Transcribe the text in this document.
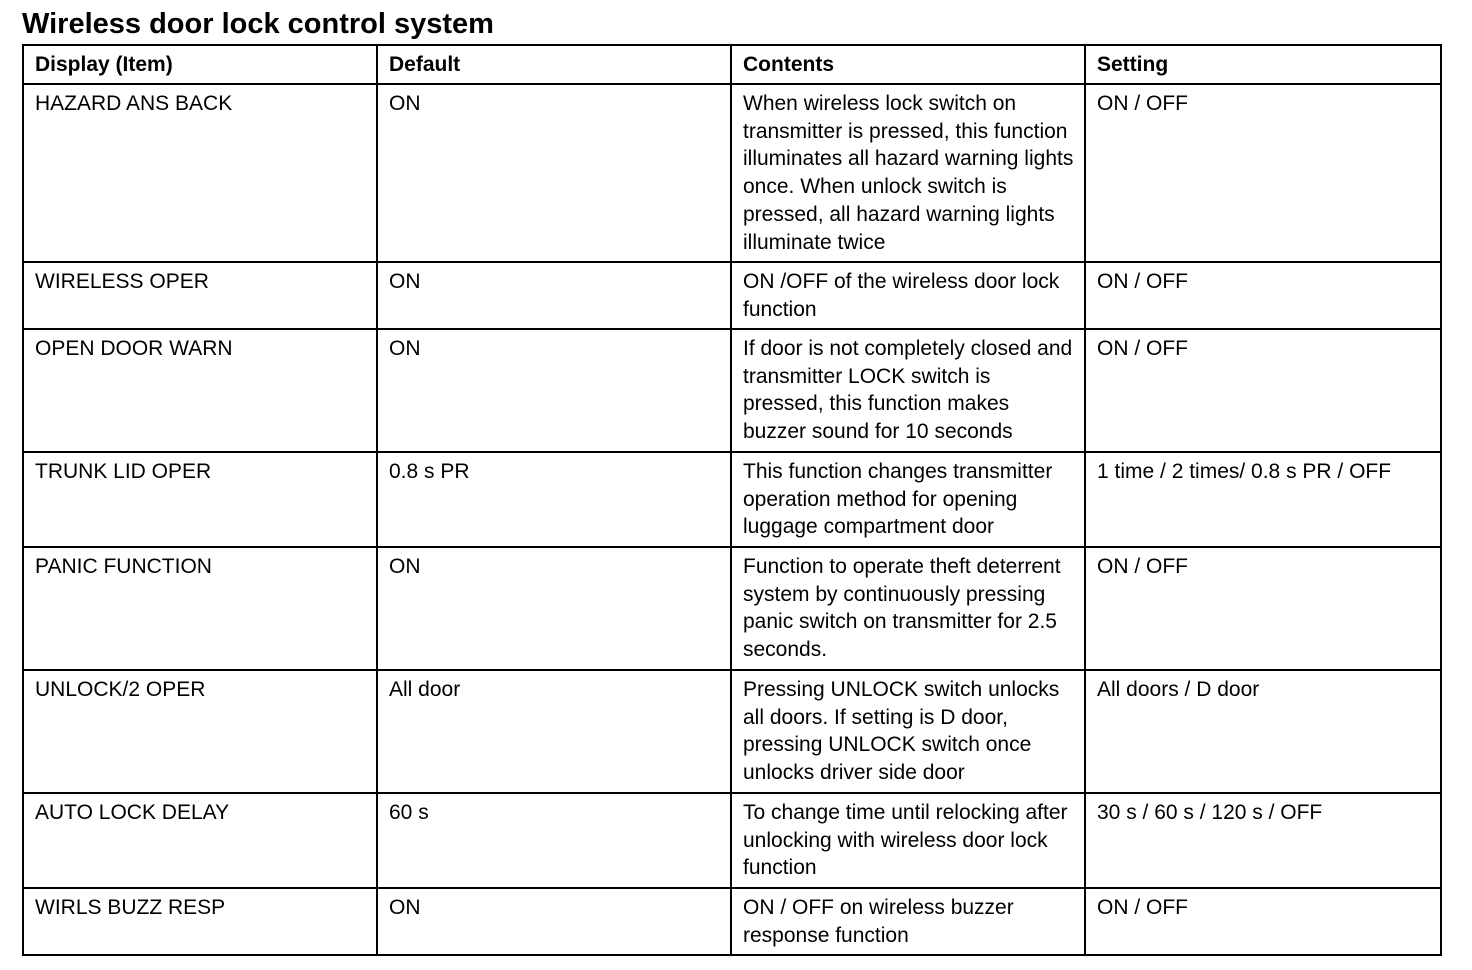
Wireless door lock control system
Display (Item)	Default	Contents	Setting
HAZARD ANS BACK	ON	When wireless lock switch on transmitter is pressed, this function illuminates all hazard warning lights once. When unlock switch is pressed, all hazard warning lights illuminate twice	ON / OFF
WIRELESS OPER	ON	ON /OFF of the wireless door lock function	ON / OFF
OPEN DOOR WARN	ON	If door is not completely closed and transmitter LOCK switch is pressed, this function makes buzzer sound for 10 seconds	ON / OFF
TRUNK LID OPER	0.8 s PR	This function changes transmitter operation method for opening luggage compartment door	1 time / 2 times/ 0.8 s PR / OFF
PANIC FUNCTION	ON	Function to operate theft deterrent system by continuously pressing panic switch on transmitter for 2.5 seconds.	ON / OFF
UNLOCK/2 OPER	All door	Pressing UNLOCK switch unlocks all doors. If setting is D door, pressing UNLOCK switch once unlocks driver side door	All doors / D door
AUTO LOCK DELAY	60 s	To change time until relocking after unlocking with wireless door lock function	30 s / 60 s / 120 s / OFF
WIRLS BUZZ RESP	ON	ON / OFF on wireless buzzer response function	ON / OFF
